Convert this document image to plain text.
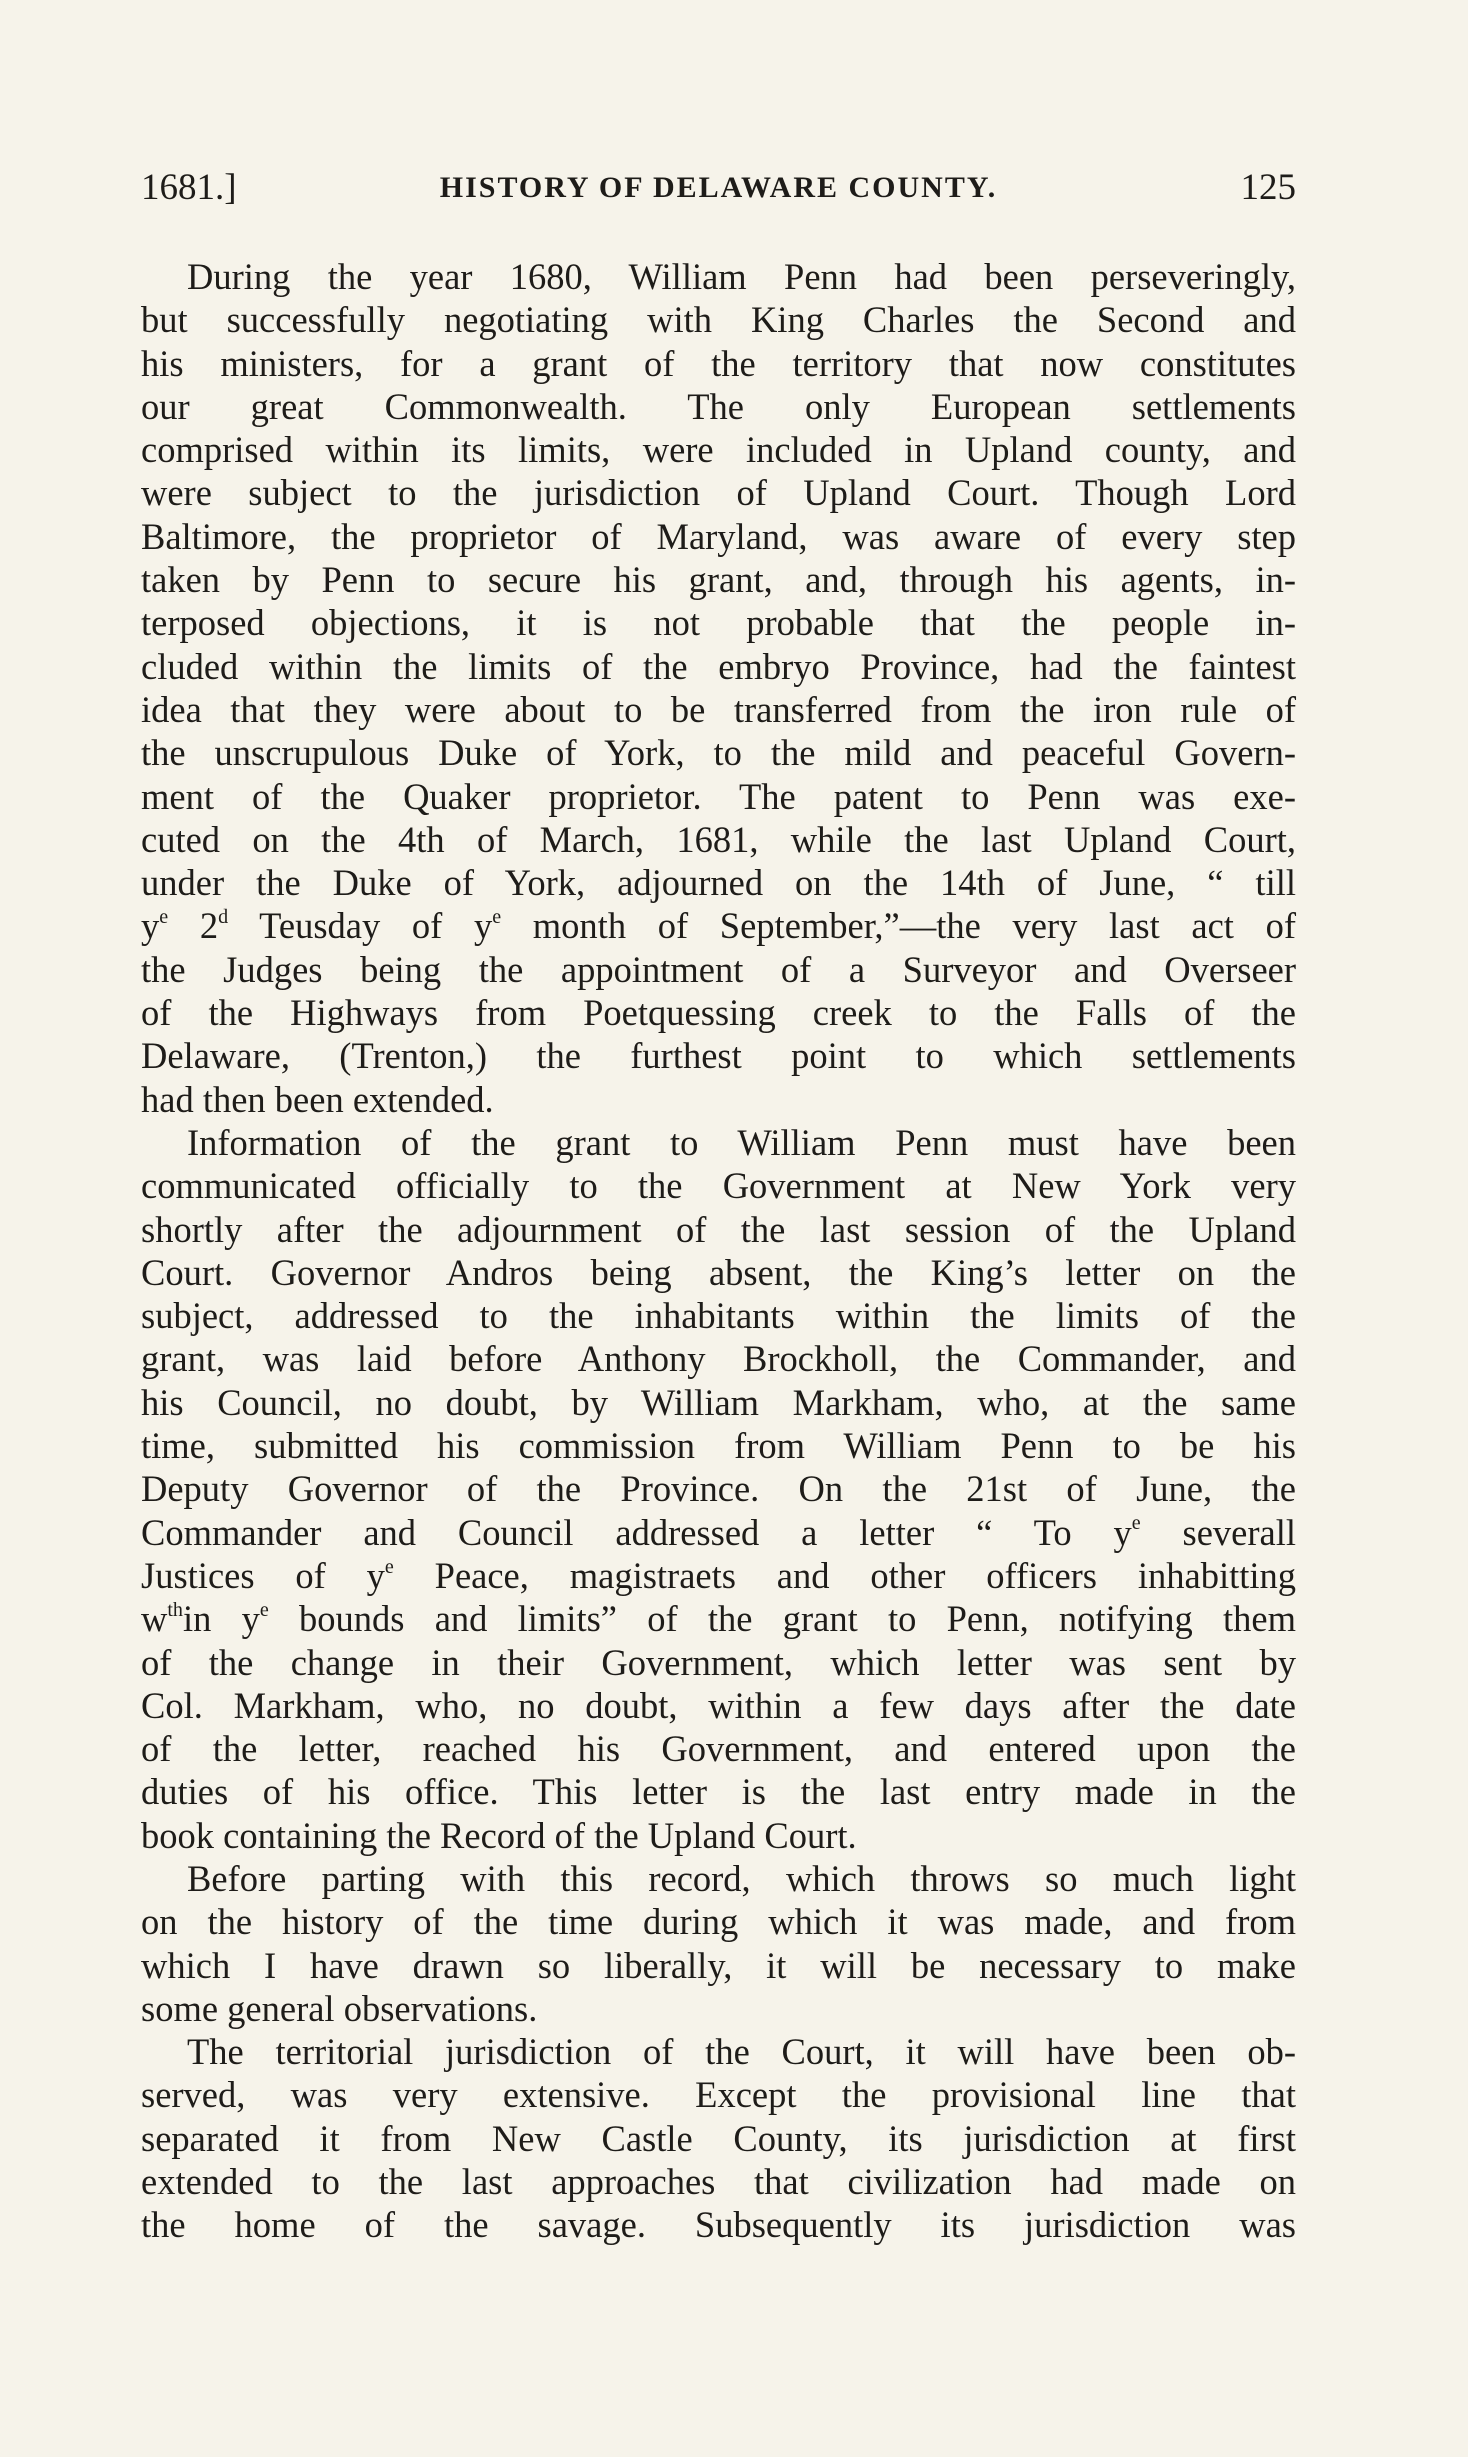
1681.]	HISTORY OF DELAWARE COUNTY.	125
During the year 1680, William Penn had been perseveringly,
but successfully negotiating with King Charles the Second and
his ministers, for a grant of the territory that now constitutes
our great Commonwealth. The only European settlements
comprised within its limits, were included in Upland county, and
were subject to the jurisdiction of Upland Court. Though Lord
Baltimore, the proprietor of Maryland, was aware of every step
taken by Penn to secure his grant, and, through his agents, in-
terposed objections, it is not probable that the people in-
cluded within the limits of the embryo Province, had the faintest
idea that they were about to be transferred from the iron rule of
the unscrupulous Duke of York, to the mild and peaceful Govern-
ment of the Quaker proprietor. The patent to Penn was exe-
cuted on the 4th of March, 1681, while the last Upland Court,
under the Duke of York, adjourned on the 14th of June, “ till
$y^e$ 2$^d$ Teusday of $y^e$ month of September,”—the very last act of
the Judges being the appointment of a Surveyor and Overseer
of the Highways from Poetquessing creek to the Falls of the
Delaware, (Trenton,) the furthest point to which settlements
had then been extended.
Information of the grant to William Penn must have been
communicated officially to the Government at New York very
shortly after the adjournment of the last session of the Upland
Court. Governor Andros being absent, the King’s letter on the
subject, addressed to the inhabitants within the limits of the
grant, was laid before Anthony Brockholl, the Commander, and
his Council, no doubt, by William Markham, who, at the same
time, submitted his commission from William Penn to be his
Deputy Governor of the Province. On the 21st of June, the
Commander and Council addressed a letter “ To $y^e$ severall
Justices of $y^e$ Peace, magistraets and other officers inhabitting
$w^{th}in$ $y^e$ bounds and limits” of the grant to Penn, notifying them
of the change in their Government, which letter was sent by
Col. Markham, who, no doubt, within a few days after the date
of the letter, reached his Government, and entered upon the
duties of his office. This letter is the last entry made in the
book containing the Record of the Upland Court.
Before parting with this record, which throws so much light
on the history of the time during which it was made, and from
which I have drawn so liberally, it will be necessary to make
some general observations.
The territorial jurisdiction of the Court, it will have been ob-
served, was very extensive. Except the provisional line that
separated it from New Castle County, its jurisdiction at first
extended to the last approaches that civilization had made on
the home of the savage. Subsequently its jurisdiction was
